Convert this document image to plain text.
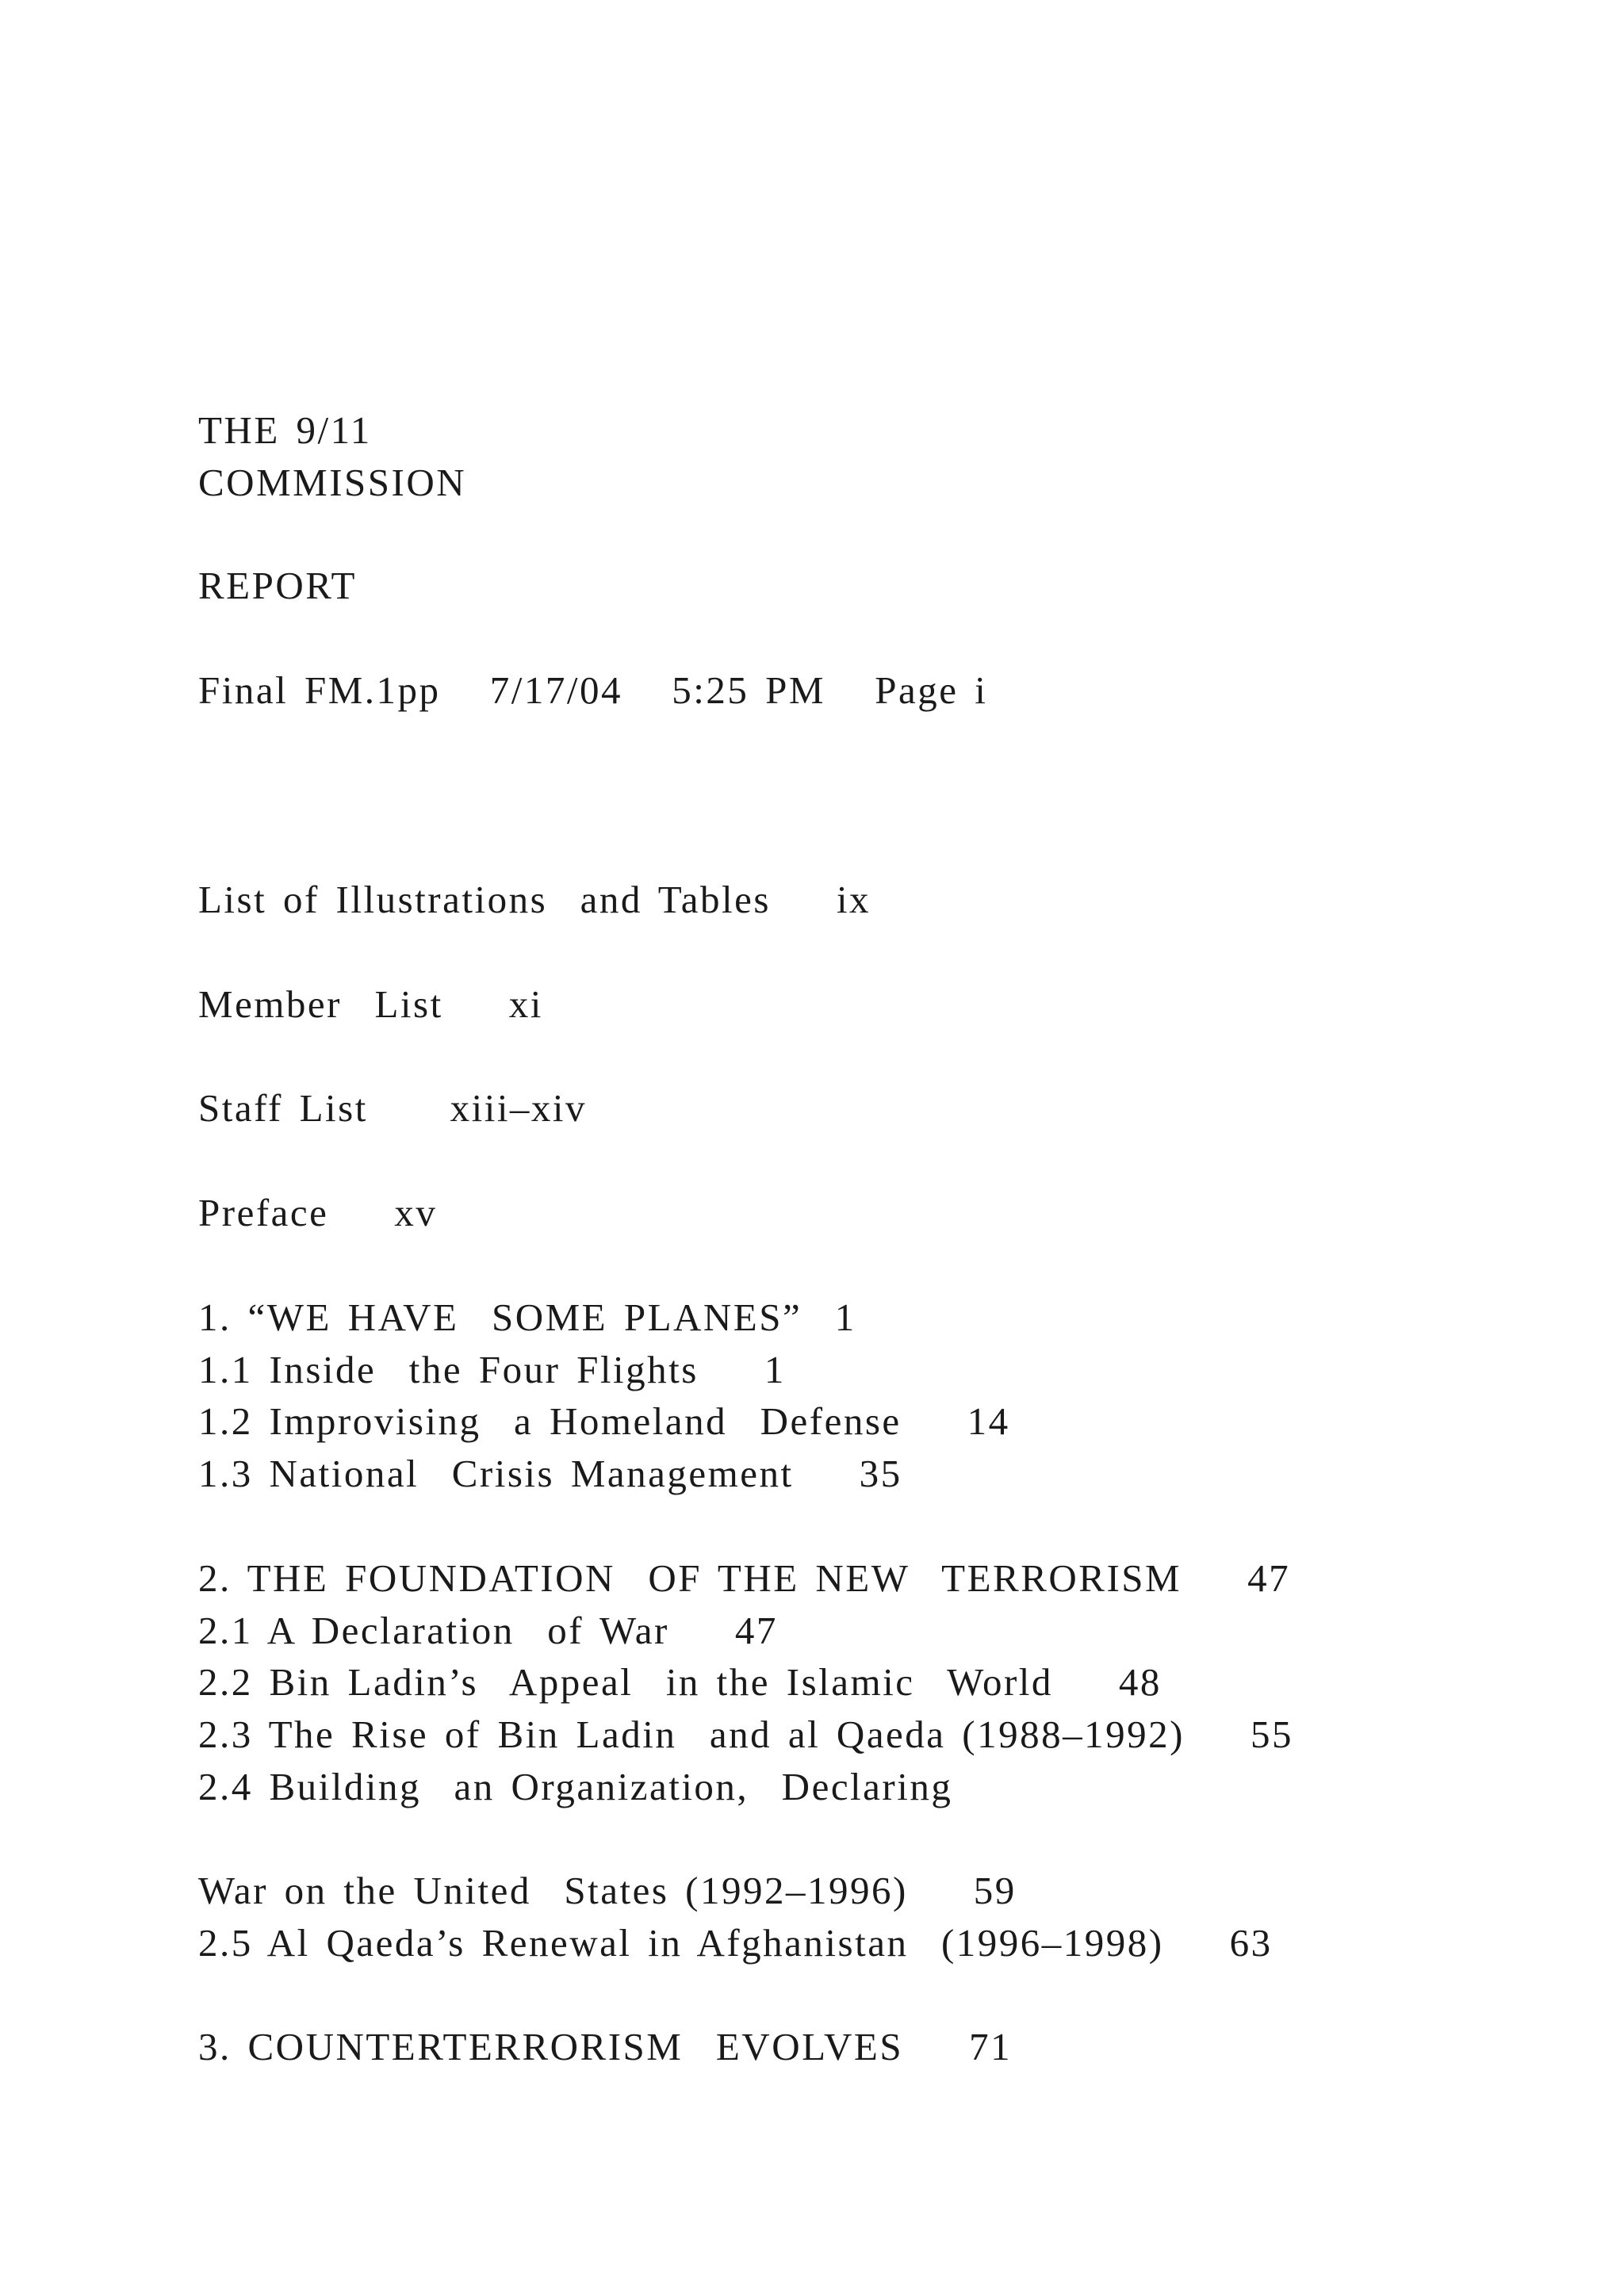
THE 9/11
COMMISSION
REPORT
Final FM.1pp   7/17/04   5:25 PM   Page i
List of Illustrations  and Tables    ix
Member  List    xi
Staff List     xiii–xiv
Preface    xv
1. “WE HAVE  SOME PLANES”  1
1.1 Inside  the Four Flights    1
1.2 Improvising  a Homeland  Defense    14
1.3 National  Crisis Management    35
2. THE FOUNDATION  OF THE NEW  TERRORISM    47
2.1 A Declaration  of War    47
2.2 Bin Ladin’s  Appeal  in the Islamic  World    48
2.3 The Rise of Bin Ladin  and al Qaeda (1988–1992)    55
2.4 Building  an Organization,  Declaring
War on the United  States (1992–1996)    59
2.5 Al Qaeda’s Renewal in Afghanistan  (1996–1998)    63
3. COUNTERTERRORISM  EVOLVES    71
